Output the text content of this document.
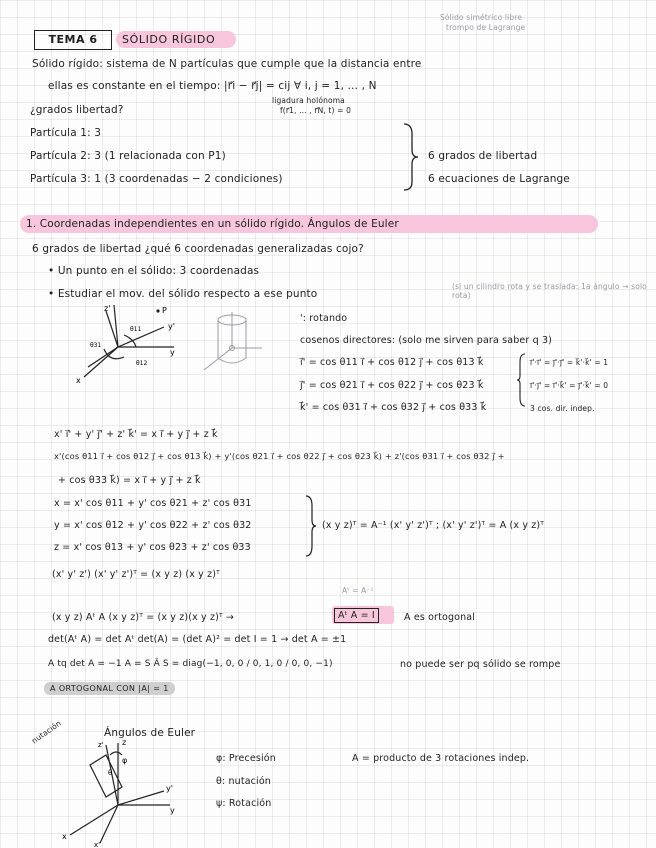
TEMA 6	SÓLIDO RÍGIDO
Sólido simétrico libre
trompo de Lagrange
Sólido rígido: sistema de N partículas que cumple que la distancia entre
ellas es constante en el tiempo: |r⃗i − r⃗j| = cij ∀ i, j = 1, … , N
ligadura holónoma
f(r⃗1, … , r⃗N, t) = 0
¿grados libertad?
Partícula 1: 3
Partícula 2: 3 (1 relacionada con P1)
Partícula 3: 1 (3 coordenadas − 2 condiciones)
6 grados de libertad
6 ecuaciones de Lagrange
1. Coordenadas independientes en un sólido rígido. Ángulos de Euler
6 grados de libertad ¿qué 6 coordenadas generalizadas cojo?
• Un punto en el sólido: 3 coordenadas
• Estudiar el mov. del sólido respecto a ese punto
(si un cilindro rota y se traslada: 1a ángulo → solo rota)
P
y'
y
z'
x
θ31
θ11
θ12
': rotando
cosenos directores: (solo me sirven para saber q 3)
i⃗' = cos θ11 i⃗ + cos θ12 j⃗ + cos θ13 k⃗
j⃗' = cos θ21 i⃗ + cos θ22 j⃗ + cos θ23 k⃗
k⃗' = cos θ31 i⃗ + cos θ32 j⃗ + cos θ33 k⃗
i⃗'·i⃗' = j⃗'·j⃗' = k⃗'·k⃗' = 1
i⃗'·j⃗' = i⃗'·k⃗' = j⃗'·k⃗' = 0
3 cos. dir. indep.
x' i⃗' + y' j⃗' + z' k⃗' = x i⃗ + y j⃗ + z k⃗
x'(cos θ11 i⃗ + cos θ12 j⃗ + cos θ13 k⃗) + y'(cos θ21 i⃗ + cos θ22 j⃗ + cos θ23 k⃗) + z'(cos θ31 i⃗ + cos θ32 j⃗ +
+ cos θ33 k⃗) = x i⃗ + y j⃗ + z k⃗
x = x' cos θ11 + y' cos θ21 + z' cos θ31
y = x' cos θ12 + y' cos θ22 + z' cos θ32
z = x' cos θ13 + y' cos θ23 + z' cos θ33
(x y z)ᵀ = A⁻¹ (x' y' z')ᵀ ; (x' y' z')ᵀ = A (x y z)ᵀ
(x' y' z') (x' y' z')ᵀ = (x y z) (x y z)ᵀ
Aᵗ = A⁻¹
(x y z) Aᵗ A (x y z)ᵀ = (x y z)(x y z)ᵀ →	Aᵗ A = I	A es ortogonal
det(Aᵗ A) = det Aᵗ det(A) = (det A)² = det I = 1 → det A = ±1
A tq det A = −1 A = S Â S = diag(−1, 0, 0 / 0, 1, 0 / 0, 0, −1)	no puede ser pq sólido se rompe
A ORTOGONAL CON |A| = 1
Ángulos de Euler
z
z'
y'
y
x
x'
φ
θ
nutación
φ: Precesión
θ: nutación
ψ: Rotación
A = producto de 3 rotaciones indep.
